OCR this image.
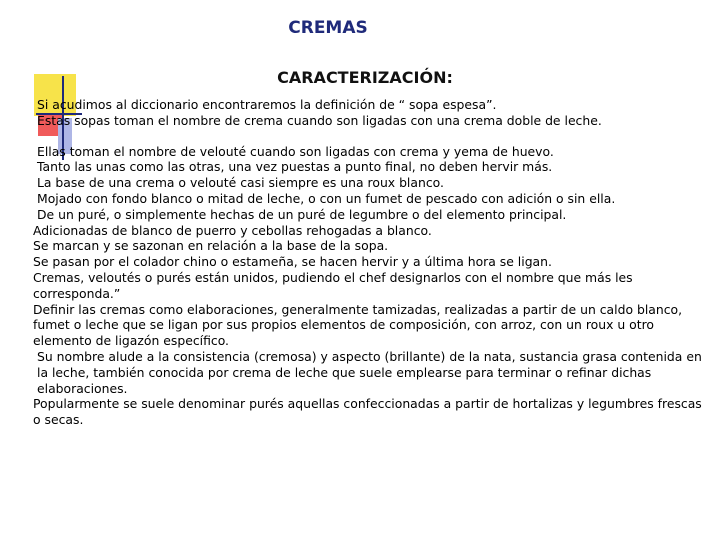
CREMAS
CARACTERIZACIÓN:

Si acudimos al diccionario encontraremos la definición de “ sopa espesa”.

Estas sopas toman el nombre de crema cuando son ligadas con una crema doble de leche.

Ellas toman el nombre de velouté cuando son ligadas con crema y yema de huevo.

Tanto las unas como las otras, una vez puestas a punto final, no deben hervir más.

La base de una crema o velouté casi siempre es una roux blanco.

Mojado con fondo blanco o mitad de leche, o con un fumet de pescado con adición o sin ella.

De un puré, o simplemente hechas de un puré de legumbre o del elemento principal.

Adicionadas de blanco de puerro y cebollas rehogadas a blanco.

Se marcan y se sazonan en relación a la base de la sopa.

Se pasan por el colador chino o estameña, se hacen hervir y a última hora se ligan.

Cremas, veloutés o purés están unidos, pudiendo el chef designarlos con el nombre que más les corresponda.”

Definir las cremas como elaboraciones, generalmente tamizadas, realizadas a partir de un caldo blanco, fumet o leche que se ligan por sus propios elementos de composición, con arroz, con un roux u otro elemento de ligazón específico.

Su nombre alude a la consistencia (cremosa) y aspecto (brillante) de la nata, sustancia grasa contenida en la leche, también conocida por crema de leche que suele emplearse para terminar o refinar dichas elaboraciones.

Popularmente se suele denominar purés aquellas confeccionadas a partir de hortalizas y legumbres frescas o secas.
